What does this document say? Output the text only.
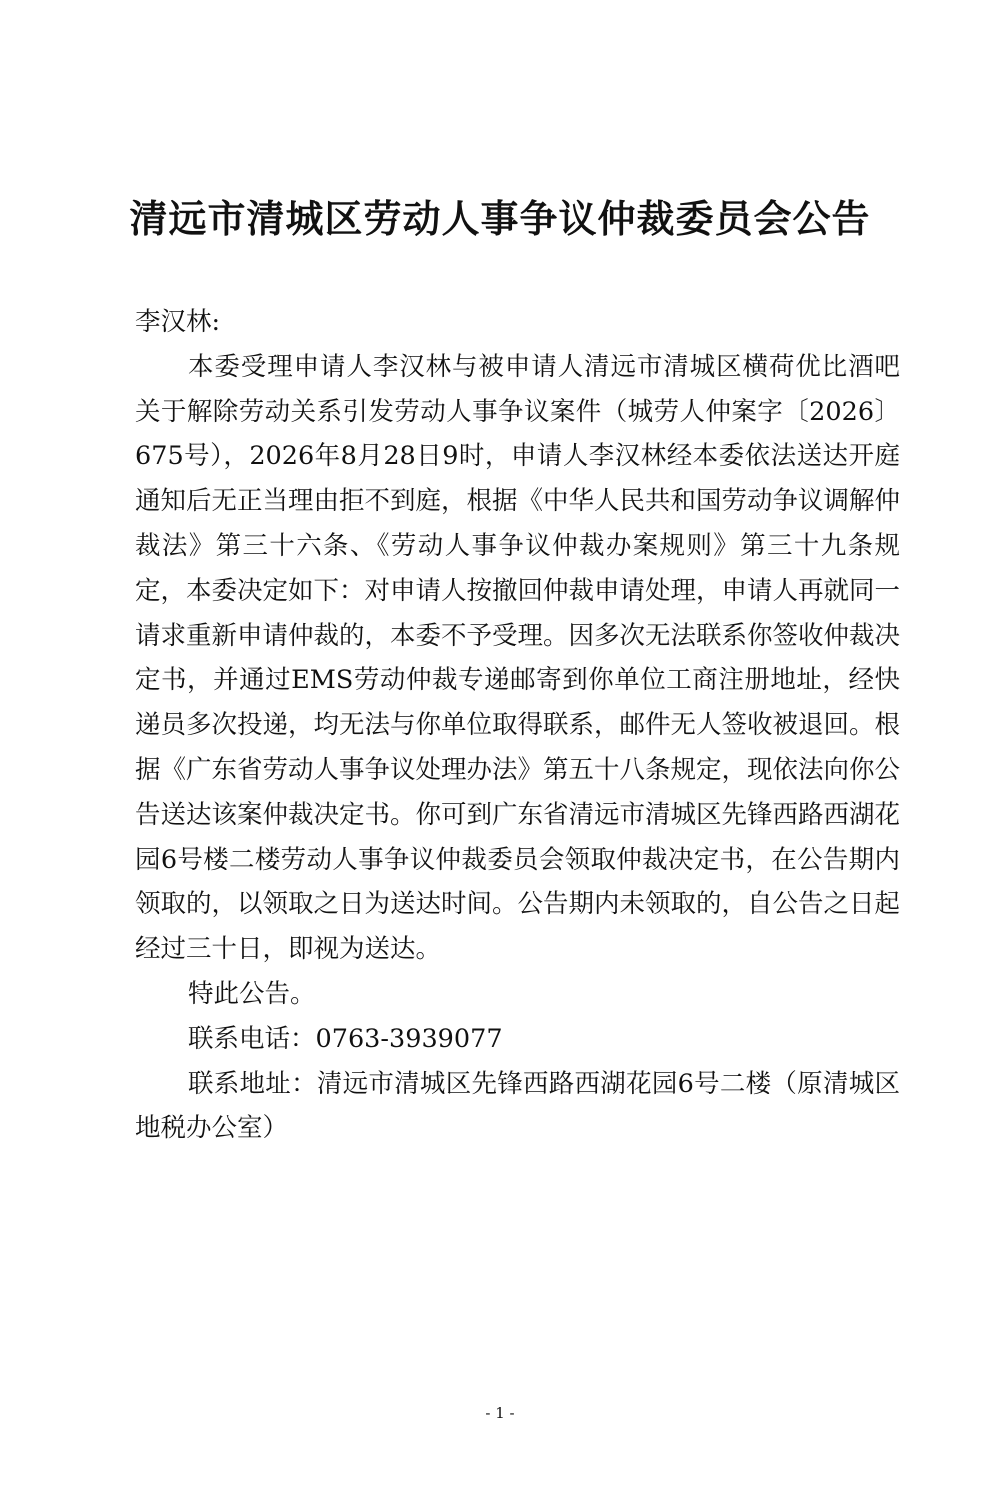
清远市清城区劳动人事争议仲裁委员会公告

李汉林:

本委受理申请人李汉林与被申请人清远市清城区横荷优比酒吧关于解除劳动关系引发劳动人事争议案件（城劳人仲案字〔2026〕675号），2026年8月28日9时，申请人李汉林经本委依法送达开庭通知后无正当理由拒不到庭，根据《中华人民共和国劳动争议调解仲裁法》第三十六条、《劳动人事争议仲裁办案规则》第三十九条规定，本委决定如下：对申请人按撤回仲裁申请处理，申请人再就同一请求重新申请仲裁的，本委不予受理。因多次无法联系你签收仲裁决定书，并通过EMS劳动仲裁专递邮寄到你单位工商注册地址，经快递员多次投递，均无法与你单位取得联系，邮件无人签收被退回。根据《广东省劳动人事争议处理办法》第五十八条规定，现依法向你公告送达该案仲裁决定书。你可到广东省清远市清城区先锋西路西湖花园6号楼二楼劳动人事争议仲裁委员会领取仲裁决定书，在公告期内领取的，以领取之日为送达时间。公告期内未领取的，自公告之日起经过三十日，即视为送达。

特此公告。

联系电话：0763-3939077

联系地址：清远市清城区先锋西路西湖花园6号二楼（原清城区地税办公室）

- 1 -
